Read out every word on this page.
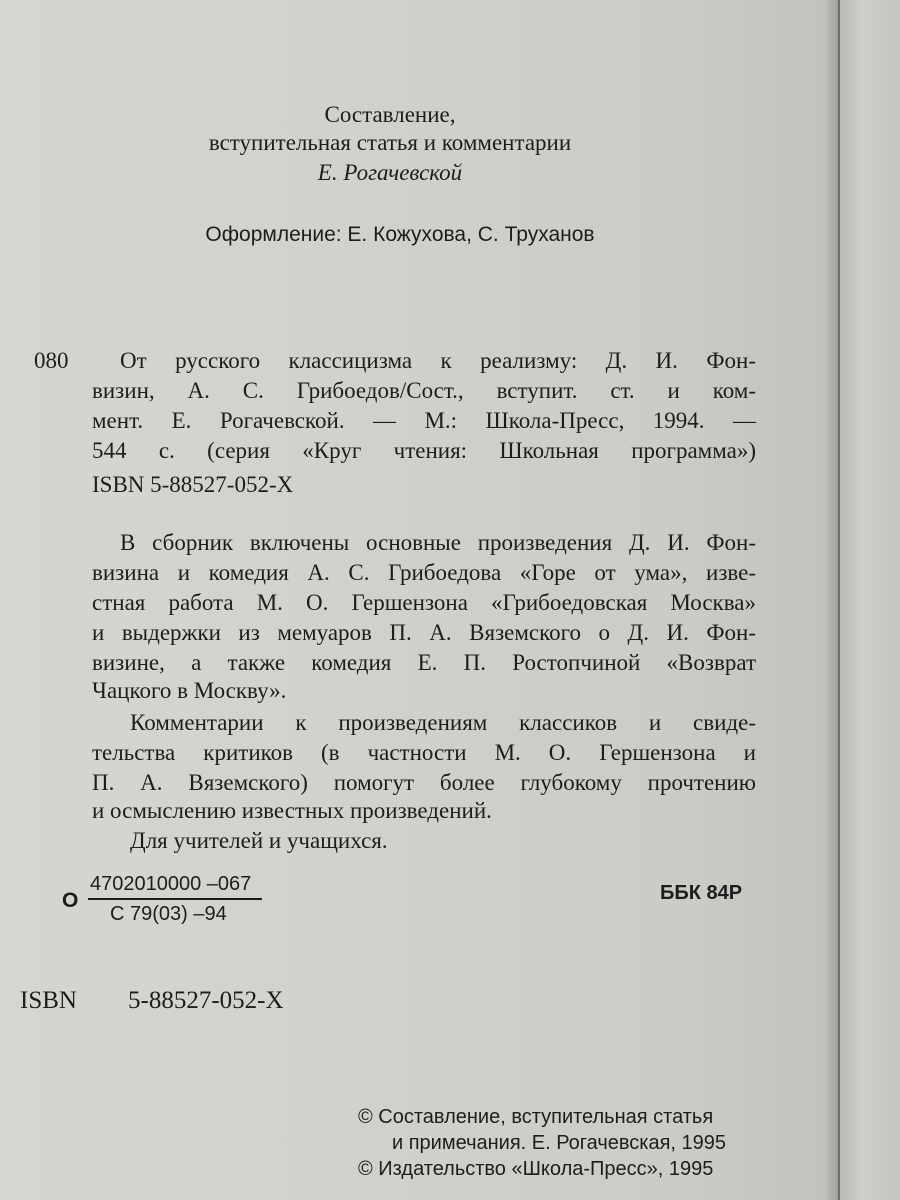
Составление,
вступительная статья и комментарии
Е. Рогачевской
Оформление: Е. Кожухова, С. Труханов
080 От русского классицизма к реализму: Д. И. Фон-
визин, А. С. Грибоедов/Сост., вступит. ст. и ком-
мент. Е. Рогачевской. — М.: Школа-Пресс, 1994. —
544 с. (серия «Круг чтения: Школьная программа»)
ISBN 5-88527-052-X
В сборник включены основные произведения Д. И. Фон-
визина и комедия А. С. Грибоедова «Горе от ума», изве-
стная работа М. О. Гершензона «Грибоедовская Москва»
и выдержки из мемуаров П. А. Вяземского о Д. И. Фон-
визине, а также комедия Е. П. Ростопчиной «Возврат
Чацкого в Москву».
Комментарии к произведениям классиков и свиде-
тельства критиков (в частности М. О. Гершензона и
П. А. Вяземского) помогут более глубокому прочтению
и осмыслению известных произведений.
Для учителей и учащихся.
О
4702010000 –067
С 79(03) –94
ББК 84Р
ISBN 5-88527-052-X
© Составление, вступительная статья
и примечания. Е. Рогачевская, 1995
© Издательство «Школа-Пресс», 1995
